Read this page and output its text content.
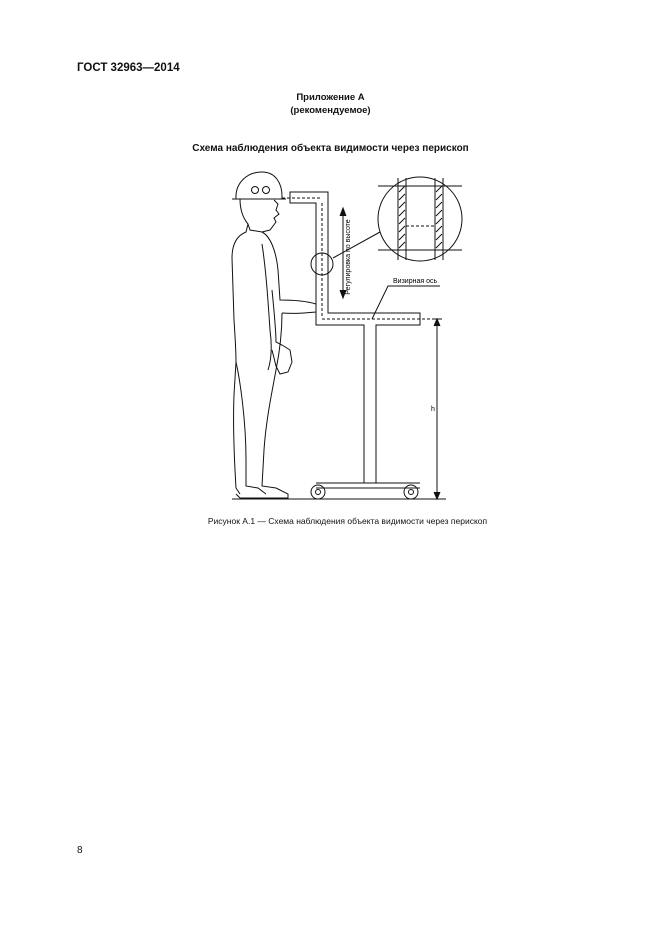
ГОСТ 32963—2014
Приложение А
(рекомендуемое)
Схема наблюдения объекта видимости через перископ
Регулировка по высоте	Визирная ось
h
Рисунок А.1 — Схема наблюдения объекта видимости через перископ
8
